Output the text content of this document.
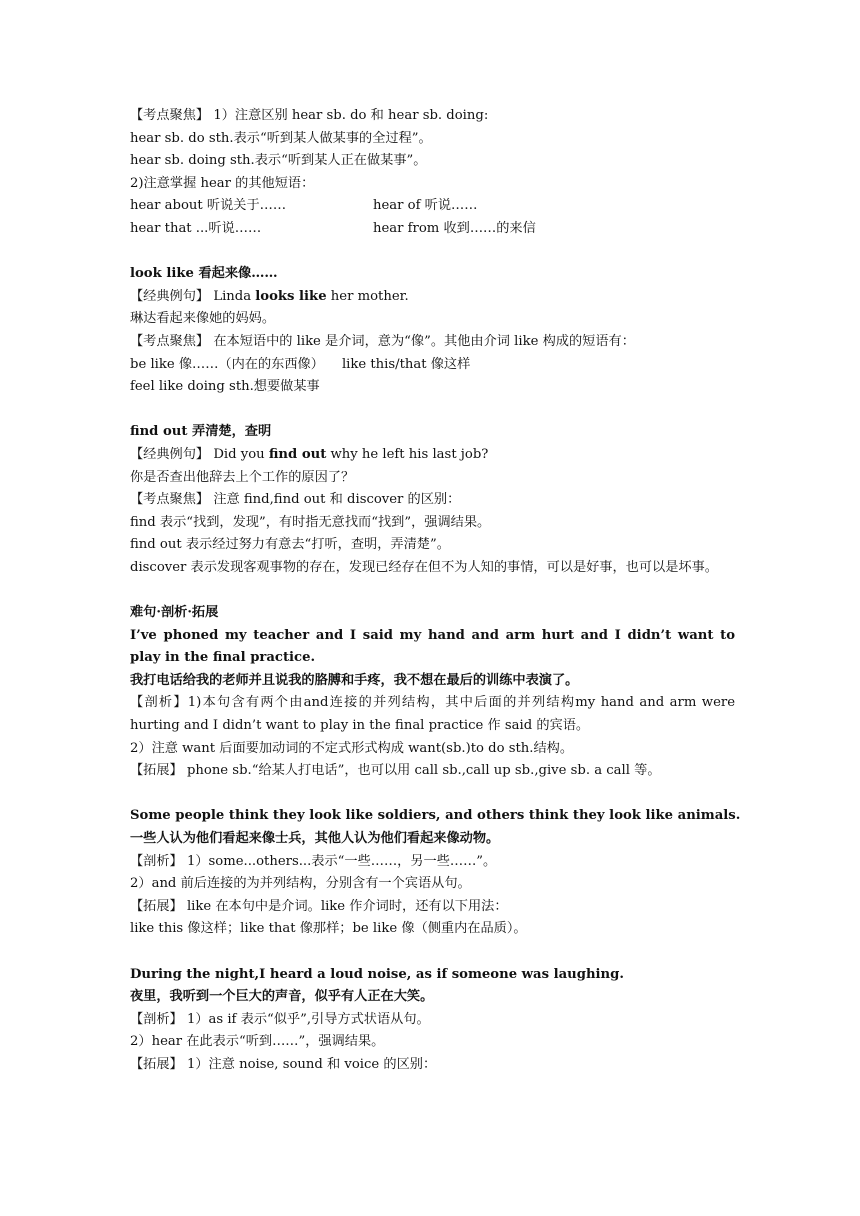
【考点聚焦】 1）注意区别 hear sb. do 和 hear sb. doing:
hear sb. do sth.表示“听到某人做某事的全过程”。
hear sb. doing sth.表示“听到某人正在做某事”。
2)注意掌握 hear 的其他短语：
hear about 听说关于……	hear of 听说……
hear that ...听说……	hear from 收到……的来信
look like 看起来像……
【经典例句】 Linda looks like her mother.
琳达看起来像她的妈妈。
【考点聚焦】 在本短语中的 like 是介词，意为“像”。其他由介词 like 构成的短语有：
be like 像……（内在的东西像） like this/that 像这样
feel like doing sth.想要做某事
find out 弄清楚，查明
【经典例句】 Did you find out why he left his last job?
你是否查出他辞去上个工作的原因了？
【考点聚焦】 注意 find,find out 和 discover 的区别：
find 表示“找到，发现”，有时指无意找而“找到”，强调结果。
find out 表示经过努力有意去“打听，查明，弄清楚”。
discover 表示发现客观事物的存在，发现已经存在但不为人知的事情，可以是好事，也可以是坏事。
难句·剖析·拓展
I’ve phoned my teacher and I said my hand and arm hurt and I didn’t want to play in the final practice.
我打电话给我的老师并且说我的胳膊和手疼，我不想在最后的训练中表演了。
【剖析】1)本句含有两个由and连接的并列结构，其中后面的并列结构my hand and arm were hurting and I didn’t want to play in the final practice 作 said 的宾语。
2）注意 want 后面要加动词的不定式形式构成 want(sb.)to do sth.结构。
【拓展】 phone sb.“给某人打电话”，也可以用 call sb.,call up sb.,give sb. a call 等。
Some people think they look like soldiers, and others think they look like animals.
一些人认为他们看起来像士兵，其他人认为他们看起来像动物。
【剖析】 1）some...others...表示“一些……，另一些……”。
2）and 前后连接的为并列结构，分别含有一个宾语从句。
【拓展】 like 在本句中是介词。like 作介词时，还有以下用法：
like this 像这样；like that 像那样；be like 像（侧重内在品质）。
During the night,I heard a loud noise, as if someone was laughing.
夜里，我听到一个巨大的声音，似乎有人正在大笑。
【剖析】 1）as if 表示“似乎”,引导方式状语从句。
2）hear 在此表示“听到……”，强调结果。
【拓展】 1）注意 noise, sound 和 voice 的区别：
